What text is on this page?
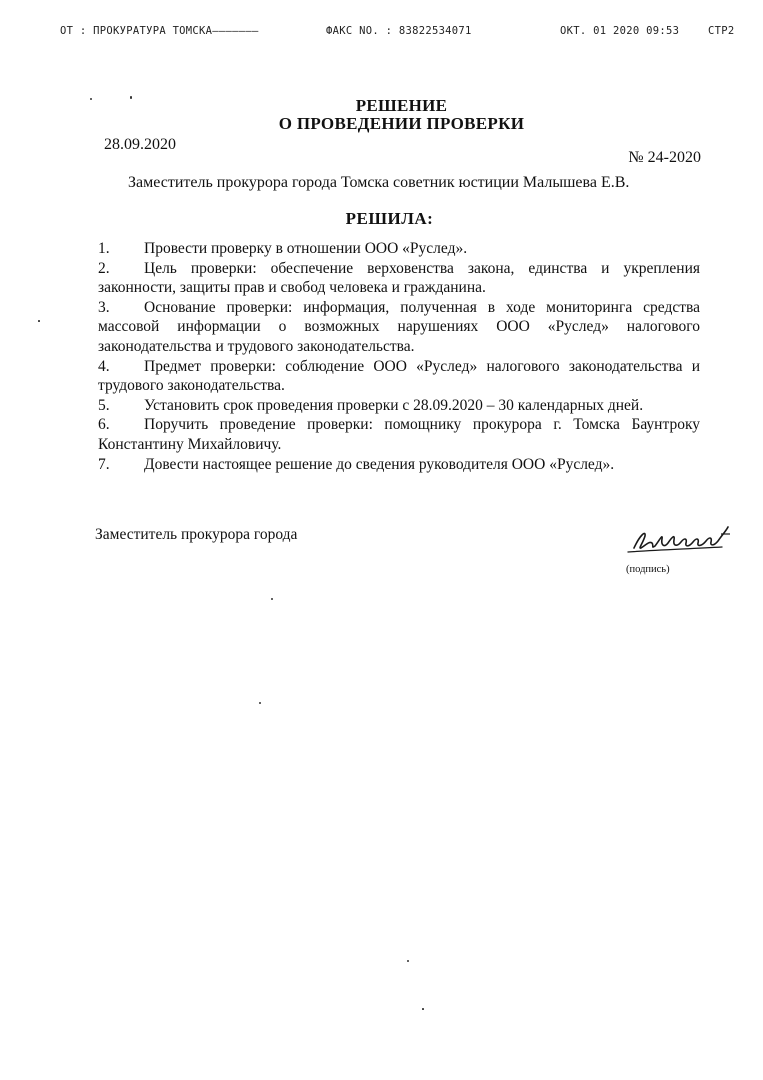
ОТ : ПРОКУРАТУРА ТОМСКА———————	ФАКС NO. : 83822534071	ОКТ. 01 2020 09:53	СТР2
РЕШЕНИЕ
О ПРОВЕДЕНИИ ПРОВЕРКИ
28.09.2020
№ 24-2020
Заместитель прокурора города Томска советник юстиции Малышева Е.В.
РЕШИЛА:

1. Провести проверку в отношении ООО «Руслед».

2. Цель проверки: обеспечение верховенства закона, единства и укрепления законности, защиты прав и свобод человека и гражданина.

3. Основание проверки: информация, полученная в ходе мониторинга средства массовой информации о возможных нарушениях ООО «Руслед» налогового законодательства и трудового законодательства.

4. Предмет проверки: соблюдение ООО «Руслед» налогового законодательства и трудового законодательства.

5. Установить срок проведения проверки с 28.09.2020 – 30 календарных дней.

6. Поручить проведение проверки: помощнику прокурора г. Томска Баунтроку Константину Михайловичу.

7. Довести настоящее решение до сведения руководителя ООО «Руслед».

Заместитель прокурора города
(подпись)
